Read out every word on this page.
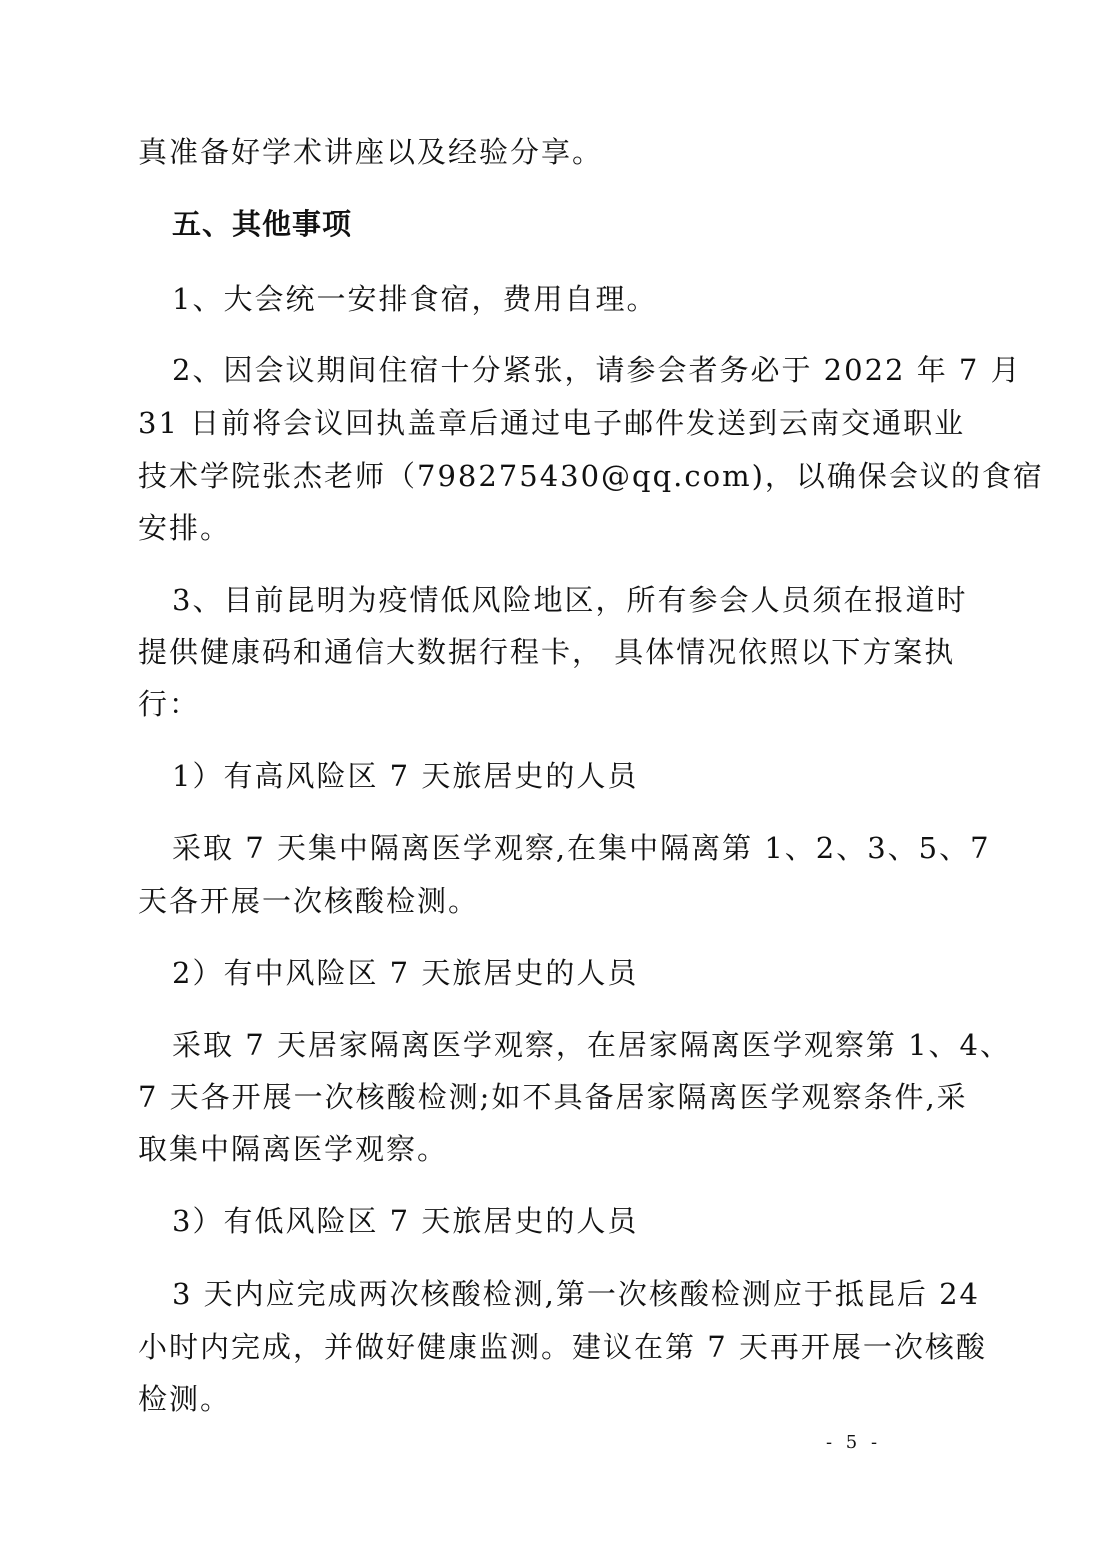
真准备好学术讲座以及经验分享。
五、其他事项
1、大会统一安排食宿，费用自理。
2、因会议期间住宿十分紧张，请参会者务必于 2022 年 7 月
31 日前将会议回执盖章后通过电子邮件发送到云南交通职业
技术学院张杰老师（798275430@qq.com)，以确保会议的食宿
安排。
3、目前昆明为疫情低风险地区，所有参会人员须在报道时
提供健康码和通信大数据行程卡， 具体情况依照以下方案执
行：
1）有高风险区 7 天旅居史的人员
采取 7 天集中隔离医学观察,在集中隔离第 1、2、3、5、7
天各开展一次核酸检测。
2）有中风险区 7 天旅居史的人员
采取 7 天居家隔离医学观察，在居家隔离医学观察第 1、4、
7 天各开展一次核酸检测;如不具备居家隔离医学观察条件,采
取集中隔离医学观察。
3）有低风险区 7 天旅居史的人员
3 天内应完成两次核酸检测,第一次核酸检测应于抵昆后 24
小时内完成，并做好健康监测。建议在第 7 天再开展一次核酸
检测。
- 5 -
